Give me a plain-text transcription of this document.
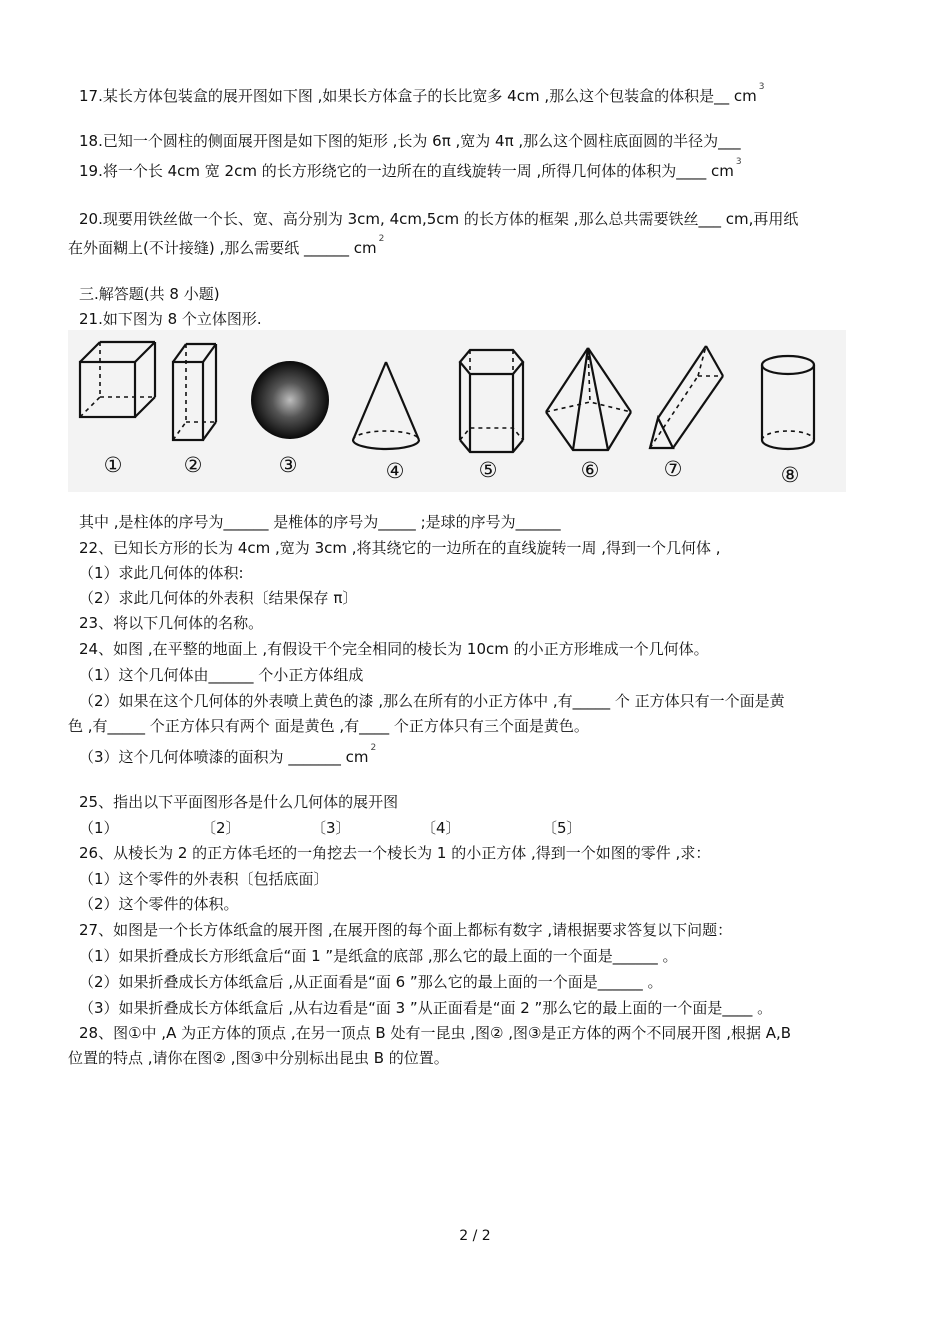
17.某长方体包装盒的展开图如下图 ,如果长方体盒子的长比宽多 4cm ,那么这个包装盒的体积是__ cm $^3$
18.已知一个圆柱的侧面展开图是如下图的矩形 ,长为 6π ,宽为 4π ,那么这个圆柱底面圆的半径为___
19.将一个长 4cm 宽 2cm 的长方形绕它的一边所在的直线旋转一周 ,所得几何体的体积为____ cm $^3$
20.现要用铁丝做一个长、宽、高分别为 3cm, 4cm,5cm 的长方体的框架 ,那么总共需要铁丝___ cm,再用纸
在外面糊上(不计接缝) ,那么需要纸 ______ cm $^2$
三.解答题(共 8 小题)
21.如下图为 8 个立体图形.
①	②	③	④	⑤	⑥	⑦	⑧
其中 ,是柱体的序号为______ 是椎体的序号为_____ ;是球的序号为______
22、已知长方形的长为 4cm ,宽为 3cm ,将其绕它的一边所在的直线旋转一周 ,得到一个几何体 ,
（1）求此几何体的体积:
（2）求此几何体的外表积〔结果保存 π〕
23、将以下几何体的名称。
24、如图 ,在平整的地面上 ,有假设干个完全相同的棱长为 10cm 的小正方形堆成一个几何体。
（1）这个几何体由______ 个小正方体组成
（2）如果在这个几何体的外表喷上黄色的漆 ,那么在所有的小正方体中 ,有_____ 个 正方体只有一个面是黄
色 ,有_____ 个正方体只有两个 面是黄色 ,有____ 个正方体只有三个面是黄色。
（3）这个几何体喷漆的面积为 _______ cm $^2$
25、指出以下平面图形各是什么几何体的展开图
（1）	〔2〕	〔3〕	〔4〕	〔5〕
26、从棱长为 2 的正方体毛坯的一角挖去一个棱长为 1 的小正方体 ,得到一个如图的零件 ,求：
（1）这个零件的外表积〔包括底面〕
（2）这个零件的体积。
27、如图是一个长方体纸盒的展开图 ,在展开图的每个面上都标有数字 ,请根据要求答复以下问题：
（1）如果折叠成长方形纸盒后“面 1 ”是纸盒的底部 ,那么它的最上面的一个面是______ 。
（2）如果折叠成长方体纸盒后 ,从正面看是“面 6 ”那么它的最上面的一个面是______ 。
（3）如果折叠成长方体纸盒后 ,从右边看是“面 3 ”从正面看是“面 2 ”那么它的最上面的一个面是____ 。
28、图①中 ,A 为正方体的顶点 ,在另一顶点 B 处有一昆虫 ,图② ,图③是正方体的两个不同展开图 ,根据 A,B
位置的特点 ,请你在图② ,图③中分别标出昆虫 B 的位置。
2 / 2
